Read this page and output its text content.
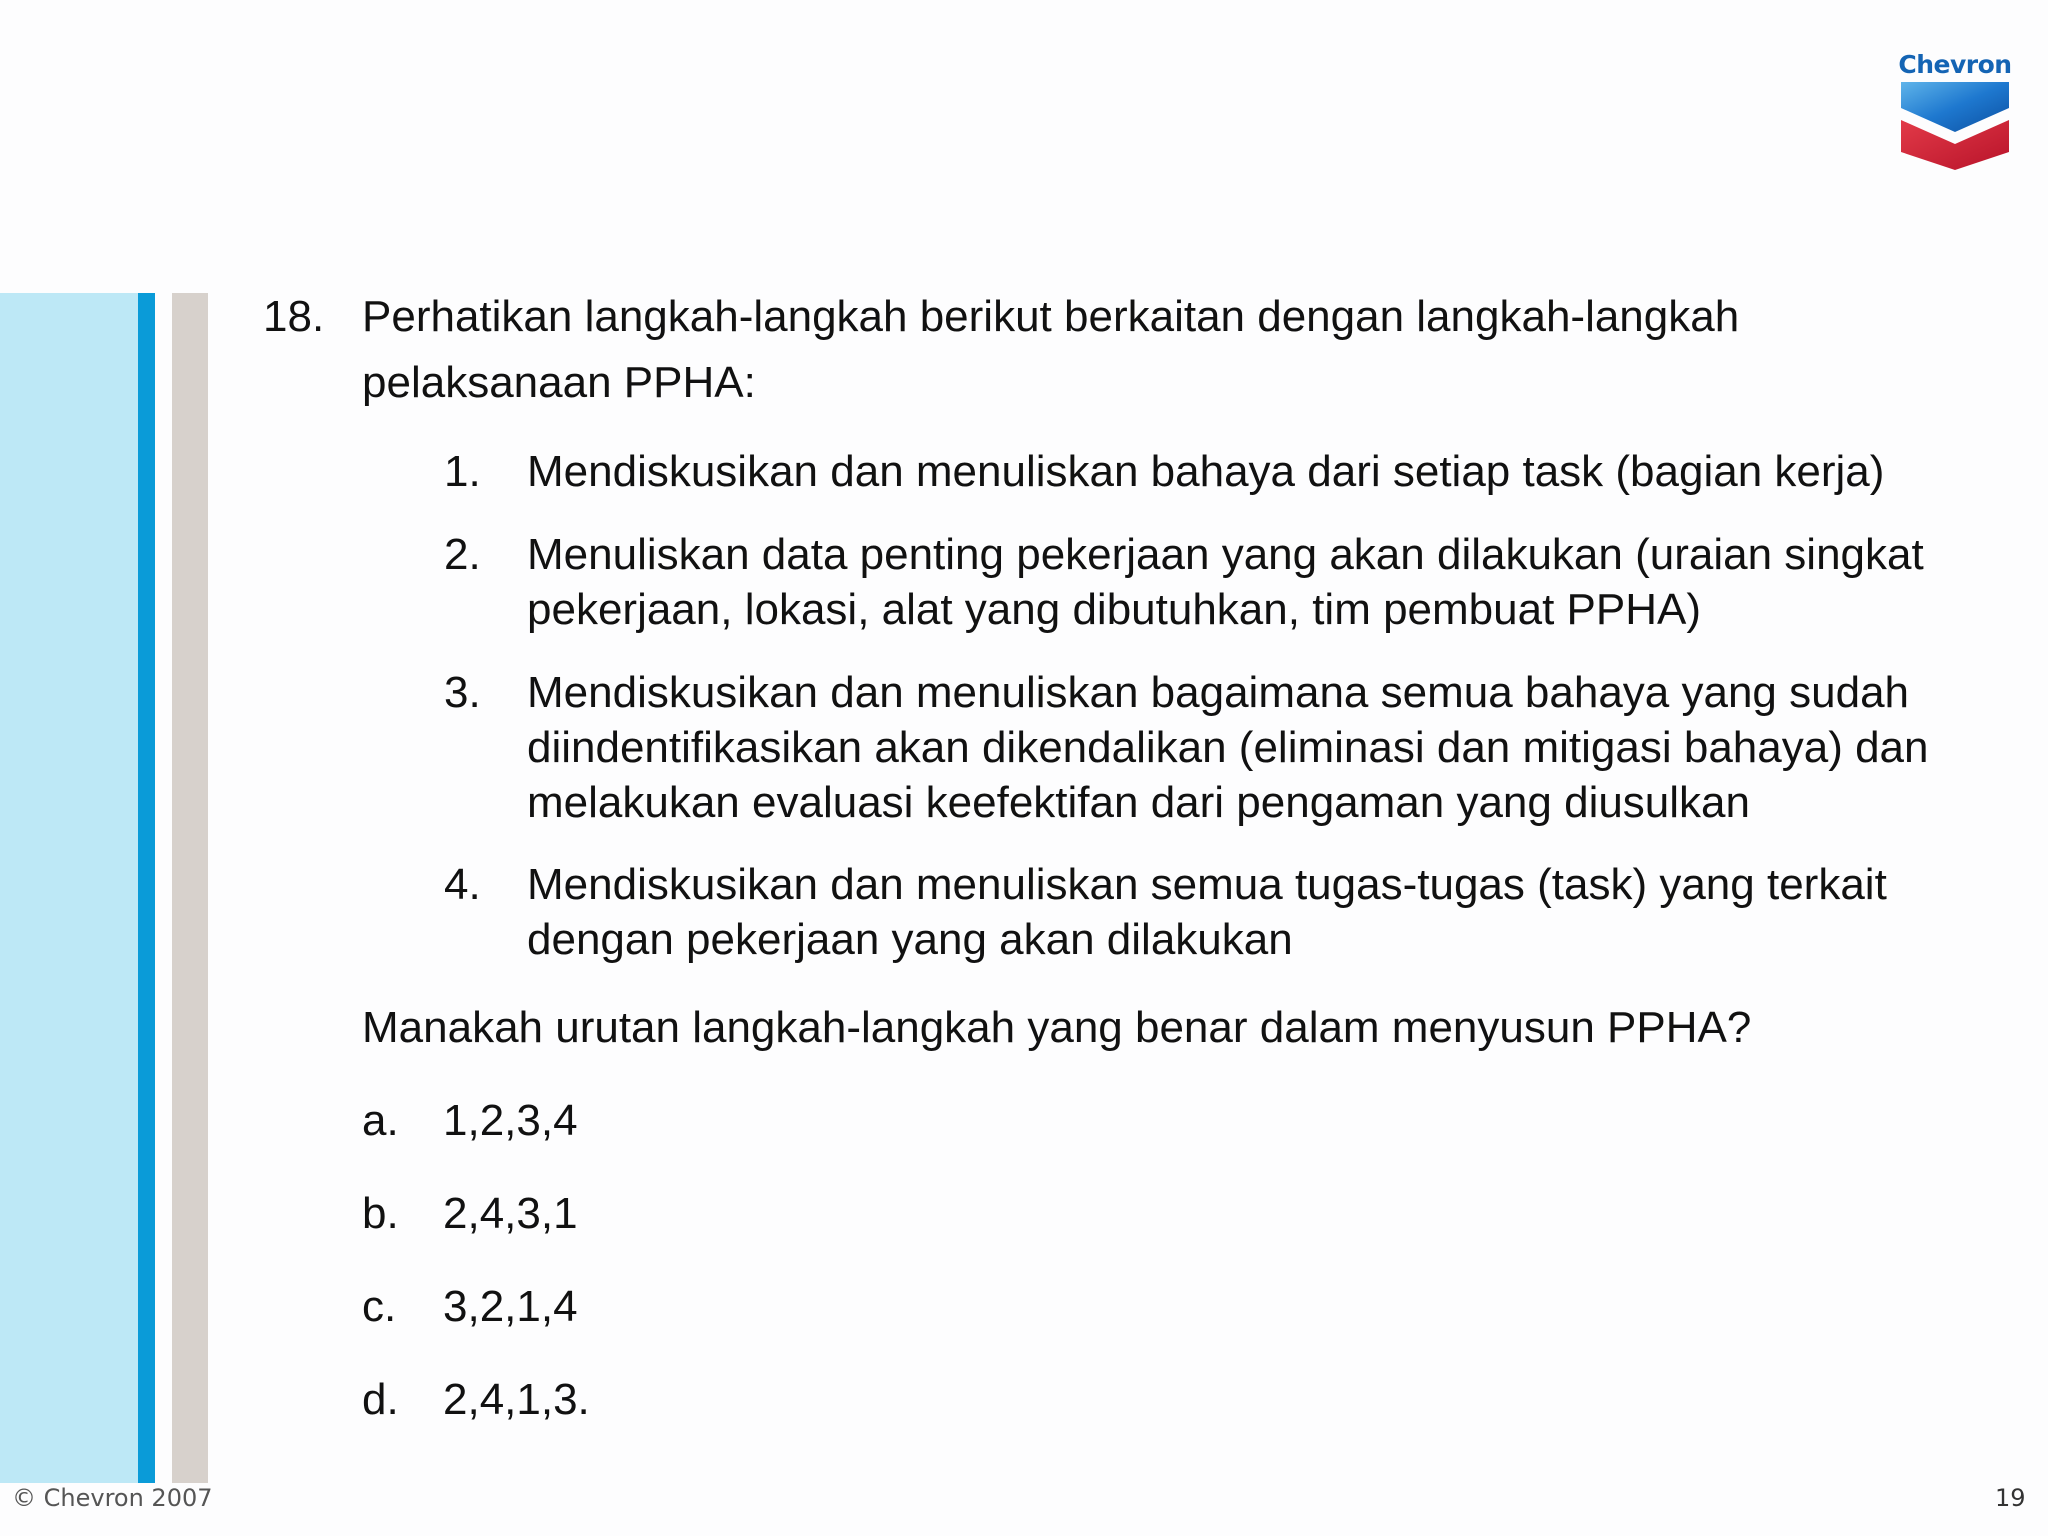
Chevron
18. Perhatikan langkah-langkah berikut berkaitan dengan langkah-langkah
pelaksanaan PPHA:
1. Mendiskusikan dan menuliskan bahaya dari setiap task (bagian kerja)
2. Menuliskan data penting pekerjaan yang akan dilakukan (uraian singkat pekerjaan, lokasi, alat yang dibutuhkan, tim pembuat PPHA)
3. Mendiskusikan dan menuliskan bagaimana semua bahaya yang sudah diindentifikasikan akan dikendalikan (eliminasi dan mitigasi bahaya) dan melakukan evaluasi keefektifan dari pengaman yang diusulkan
4. Mendiskusikan dan menuliskan semua tugas-tugas (task) yang terkait dengan pekerjaan yang akan dilakukan
Manakah urutan langkah-langkah yang benar dalam menyusun PPHA?
a. 1,2,3,4
b. 2,4,3,1
c. 3,2,1,4
d. 2,4,1,3.
© Chevron 2007	19
